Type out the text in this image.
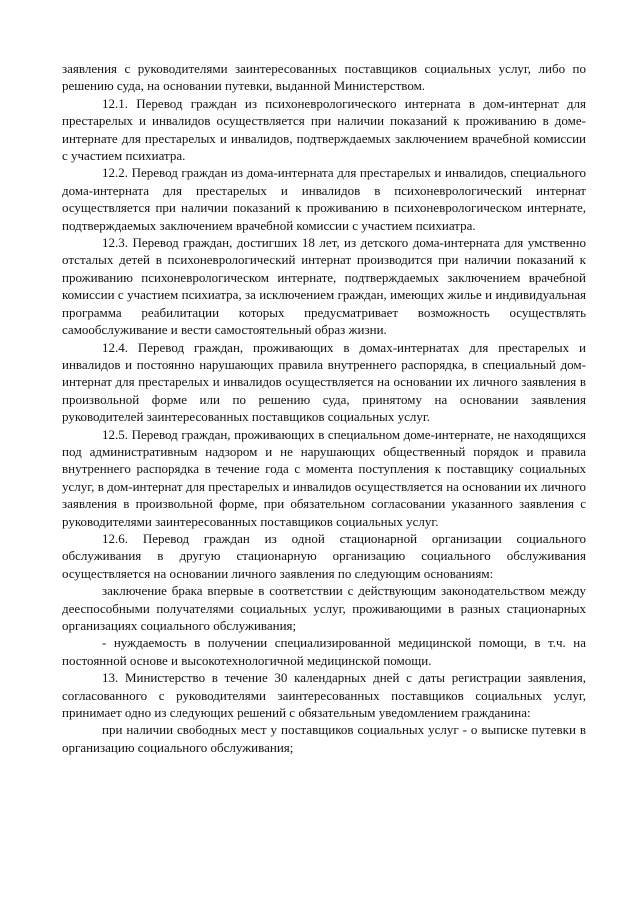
заявления с руководителями заинтересованных поставщиков социальных услуг, либо по решению суда, на основании путевки, выданной Министерством.

12.1. Перевод граждан из психоневрологического интерната в дом-интернат для престарелых и инвалидов осуществляется при наличии показаний к проживанию в доме-интернате для престарелых и инвалидов, подтверждаемых заключением врачебной комиссии с участием психиатра.

12.2. Перевод граждан из дома-интерната для престарелых и инвалидов, специального дома-интерната для престарелых и инвалидов в психоневрологический интернат осуществляется при наличии показаний к проживанию в психоневрологическом интернате, подтверждаемых заключением врачебной комиссии с участием психиатра.

12.3. Перевод граждан, достигших 18 лет, из детского дома-интерната для умственно отсталых детей в психоневрологический интернат производится при наличии показаний к проживанию психоневрологическом интернате, подтверждаемых заключением врачебной комиссии с участием психиатра, за исключением граждан, имеющих жилье и индивидуальная программа реабилитации которых предусматривает возможность осуществлять самообслуживание и вести самостоятельный образ жизни.

12.4. Перевод граждан, проживающих в домах-интернатах для престарелых и инвалидов и постоянно нарушающих правила внутреннего распорядка, в специальный дом-интернат для престарелых и инвалидов осуществляется на основании их личного заявления в произвольной форме или по решению суда, принятому на основании заявления руководителей заинтересованных поставщиков социальных услуг.

12.5. Перевод граждан, проживающих в специальном доме-интернате, не находящихся под административным надзором и не нарушающих общественный порядок и правила внутреннего распорядка в течение года с момента поступления к поставщику социальных услуг, в дом-интернат для престарелых и инвалидов осуществляется на основании их личного заявления в произвольной форме, при обязательном согласовании указанного заявления с руководителями заинтересованных поставщиков социальных услуг.

12.6. Перевод граждан из одной стационарной организации социального обслуживания в другую стационарную организацию социального обслуживания осуществляется на основании личного заявления по следующим основаниям:

заключение брака впервые в соответствии с действующим законодательством между дееспособными получателями социальных услуг, проживающими в разных стационарных организациях социального обслуживания;

- нуждаемость в получении специализированной медицинской помощи, в т.ч. на постоянной основе и высокотехнологичной медицинской помощи.

13. Министерство в течение 30 календарных дней с даты регистрации заявления, согласованного с руководителями заинтересованных поставщиков социальных услуг, принимает одно из следующих решений с обязательным уведомлением гражданина:

при наличии свободных мест у поставщиков социальных услуг - о выписке путевки в организацию социального обслуживания;
